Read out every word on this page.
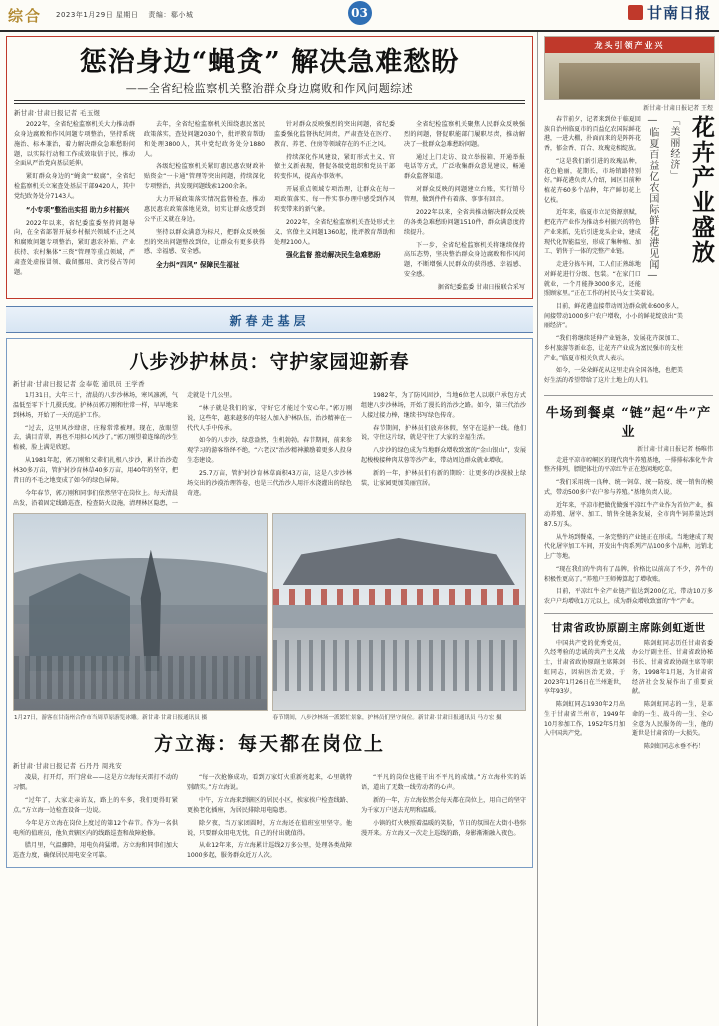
综合 2023年1月29日 星期日 责编：郗小城	03	甘南日报
惩治身边“蝇贪” 解决急难愁盼
——全省纪检监察机关整治群众身边腐败和作风问题综述
新甘肃·甘肃日报记者 毛玉煜

2022年，全省纪检监察机关大力推动群众身边腐败和作风问题专项整治，坚持系统施治、标本兼治，着力解决群众急难愁盼问题，以实际行动和工作成效取信于民，推动全面从严治党向基层延伸。

紧盯群众身边的“蝇贪”“蚁腐”，全省纪检监察机关立案查处基层干部9420人，其中党纪政务处分7143人。

“小专项”整治出实招 助力乡村振兴

2022年以来，省纪委监委坚持问题导向，在全省部署开展乡村振兴领域不正之风和腐败问题专项整治，紧盯惠农补贴、产业扶持、农村集体“三资”管理等重点领域，严肃查处虚报冒领、截留挪用、贪污侵占等问题。

去年，全省纪检监察机关围绕惠民富民政策落实，查处问题2030个，批评教育帮助和处理3800人，其中党纪政务处分1880人。

各级纪检监察机关紧盯惠民惠农财政补贴资金“一卡通”管理等突出问题，持续深化专项整治，共发现问题线索1200余条。

大力开展政策落实情况监督检查，推动惠民惠农政策落地见效，切实让群众感受到公平正义就在身边。

坚持以群众满意为标尺，把群众反映强烈的突出问题整改到位，让群众有更多获得感、幸福感、安全感。

全力纠“四风” 保障民生福祉

针对群众反映强烈的突出问题，省纪委监委强化监督执纪问责，严肃查处在医疗、教育、养老、住房等领域存在的不正之风。

持续深化作风建设，紧盯形式主义、官僚主义新表现，督促各级党组织和党员干部转变作风，提高办事效率。

开展重点领域专项治理，让群众在每一项政策落实、每一件实事办理中感受到作风转变带来的新气象。

2022年，全省纪检监察机关查处形式主义、官僚主义问题1360起，批评教育帮助和处理2100人。

强化监督 推动解决民生急难愁盼

全省纪检监察机关聚焦人民群众反映强烈的问题，督促职能部门履职尽责，推动解决了一批群众急难愁盼问题。

通过上门走访、设立举报箱、开通举报电话等方式，广泛收集群众意见建议，畅通群众监督渠道。

对群众反映的问题建立台账，实行销号管理，做到件件有着落、事事有回音。

2022年以来，全省共推动解决群众反映的各类急难愁盼问题1510件，群众满意度持续提升。

下一步，全省纪检监察机关将继续保持高压态势，坚决整治群众身边腐败和作风问题，不断增强人民群众的获得感、幸福感、安全感。

据省纪委监委 甘肃日报联合采写
新春走基层
八步沙护林员：守护家园迎新春
新甘肃·甘肃日报记者 金奉乾 通讯员 王学香

1月31日，大年三十，清晨的八步沙林场，寒风凛冽，气温低至零下十几摄氏度。护林员郭万刚和往常一样，早早地来到林场，开始了一天的巡护工作。

“过去，这里风沙肆虐，庄稼常常被埋。现在，放眼望去，满目青翠，再也不用担心风沙了。”郭万刚望着连绵的沙生植被，脸上满是欣慰。

从1981年起，郭万刚和父辈们扎根八步沙，累计治沙造林30多万亩，管护封沙育林草40多万亩，用40年的坚守，把昔日的不毛之地变成了如今的绿色屏障。

今年春节，郭万刚和同事们依然坚守在岗位上。每天清晨出发，沿着固定线路巡查，检查防火设施，清理林区隐患，一走就是十几公里。

“林子就是我们的家，守好它才能过个安心年。”郭万刚说，这些年，越来越多的年轻人加入护林队伍，治沙精神在一代代人手中传承。

如今的八步沙，绿意盎然，生机勃勃。春节期间，前来参观学习的游客络绎不绝，“六老汉”治沙精神激励着更多人投身生态建设。

25.7万亩，管护封沙育林草面积43万亩，这是八步沙林场交出的沙漠治理答卷，也是三代治沙人用汗水浇灌出的绿色奇迹。

1982年，为了防风固沙，当地6位老人以联户承包方式组建八步沙林场，开始了漫长的治沙之路。如今，第三代治沙人接过接力棒，继续书写绿色传奇。

春节期间，护林员们放弃休假，坚守在巡护一线。他们说，守住这片绿，就是守住了大家的幸福生活。

八步沙的绿色成为当地群众增收致富的“金山银山”，发展起梭梭接种肉苁蓉等沙产业，带动周边群众就业增收。

新的一年，护林员们有新的期盼：让更多的沙漠披上绿装，让家园更加美丽宜居。

1月27日，游客在甘南州合作市当周草原游览冰雕。新甘肃·甘肃日报通讯员 摄	春节期间，八步沙林场一派繁忙景象，护林员们坚守岗位。新甘肃·甘肃日报通讯员 马方宏 摄
方立海：每天都在岗位上
新甘肃·甘肃日报记者 石丹丹 周兆安

凌晨，打开灯，开门营业——这是方立海每天雷打不动的习惯。

“过年了，大家走亲访友，路上的车多，我们更得盯紧点。”方立海一边检查设备一边说。

今年是方立海在岗位上度过的第12个春节。作为一名供电所的值班员，他负责辖区内的线路巡查和故障抢修。

腊月里，气温骤降，用电负荷猛增。方立海和同事们加大巡查力度，确保居民用电安全可靠。

“每一次抢修成功，看到万家灯火重新亮起来，心里就特别踏实。”方立海说。

中午，方立海来到辖区的居民小区，挨家挨户检查线路、更换老化插座，为居民排除用电隐患。

除夕夜，当万家团圆时，方立海还在值班室里坚守。他说，只要群众用电无忧，自己的付出就值得。

从业12年来，方立海累计巡线2万多公里，处理各类故障1000多起，服务群众近万人次。

“平凡的岗位也能干出不平凡的成绩。”方立海朴实的话语，道出了无数一线劳动者的心声。

新的一年，方立海依然会每天都在岗位上，用自己的坚守为千家万户送去光明和温暖。

小镇的灯火映照着温暖的笑脸，节日的氛围在大街小巷弥漫开来。方立海又一次走上巡线的路，身影渐渐融入夜色。

龙头引领产业兴
新甘肃·甘肃日报记者 王煜
花卉产业盛放
「美丽经济」
—临夏百益亿农国际鲜花港见闻—

春节前夕，记者来到位于临夏回族自治州临夏市的百益亿农国际鲜花港，一进大棚，扑面而来的是阵阵花香，郁金香、百合、玫瑰竞相绽放。

“这是我们新引进的玫瑰品种，花色艳丽，花期长，市场销路特别好。”鲜花港负责人介绍，园区目前种植花卉60多个品种，年产鲜切花上亿枝。

近年来，临夏市立足资源禀赋，把花卉产业作为推动乡村振兴的特色产业来抓，先后引进龙头企业，建成现代化智能温室，形成了集种植、加工、销售于一体的完整产业链。

走进分拣车间，工人们正熟练地对鲜花进行分级、包装。“在家门口就业，一个月能挣3000多元，还能照顾家里。”正在工作的村民马女士笑着说。

目前，鲜花港直接带动周边群众就业600多人，间接带动1000多户农户增收，小小的鲜花绽放出“美丽经济”。

“我们将继续延伸产业链条，发展花卉深加工、乡村旅游等新业态，让花卉产业成为富民强市的支柱产业。”临夏市相关负责人表示。

如今，一朵朵鲜花从这里走向全国各地，也把美好生活的希望带给了这片土地上的人们。

牛场到餐桌 “链”起“牛”产业
新甘肃·甘肃日报记者 杨唯伟

走进平凉市崆峒区的现代肉牛养殖基地，一排排标准化牛舍整齐排列，膘肥体壮的平凉红牛正在悠闲地吃草。

“我们采用统一良种、统一饲草、统一防疫、统一销售的模式，带动500多户农户参与养殖。”基地负责人说。

近年来，平凉市把做优做强平凉红牛产业作为首位产业，推动养殖、屠宰、加工、销售全链条发展，全市肉牛饲养量达到87.5万头。

从牛场到餐桌，一条完整的产业链正在形成。当地建成了现代化屠宰加工车间，开发出牛肉系列产品100多个品种，远销北上广等地。

“现在我们的牛肉有了品牌，价格比以前高了不少，养牛的积极性更高了。”养殖户王师傅算起了增收账。

目前，平凉红牛全产业链产值达到200亿元，带动10万多农户户均增收1万元以上，成为群众增收致富的“牛”产业。

甘肃省政协原副主席陈剑虹逝世

中国共产党的优秀党员，久经考验的忠诚的共产主义战士，甘肃省政协原副主席陈剑虹同志，因病医治无效，于2023年1月26日在兰州逝世，享年93岁。

陈剑虹同志1930年2月出生于甘肃省兰州市，1949年10月参加工作，1952年5月加入中国共产党。

陈剑虹同志历任甘肃省委办公厅副主任、甘肃省政协秘书长、甘肃省政协副主席等职务，1998年1月退，为甘肃省经济社会发展作出了重要贡献。

陈剑虹同志的一生，是革命的一生、战斗的一生、全心全意为人民服务的一生，他的逝世是甘肃省的一大损失。

陈剑虹同志永垂不朽！
